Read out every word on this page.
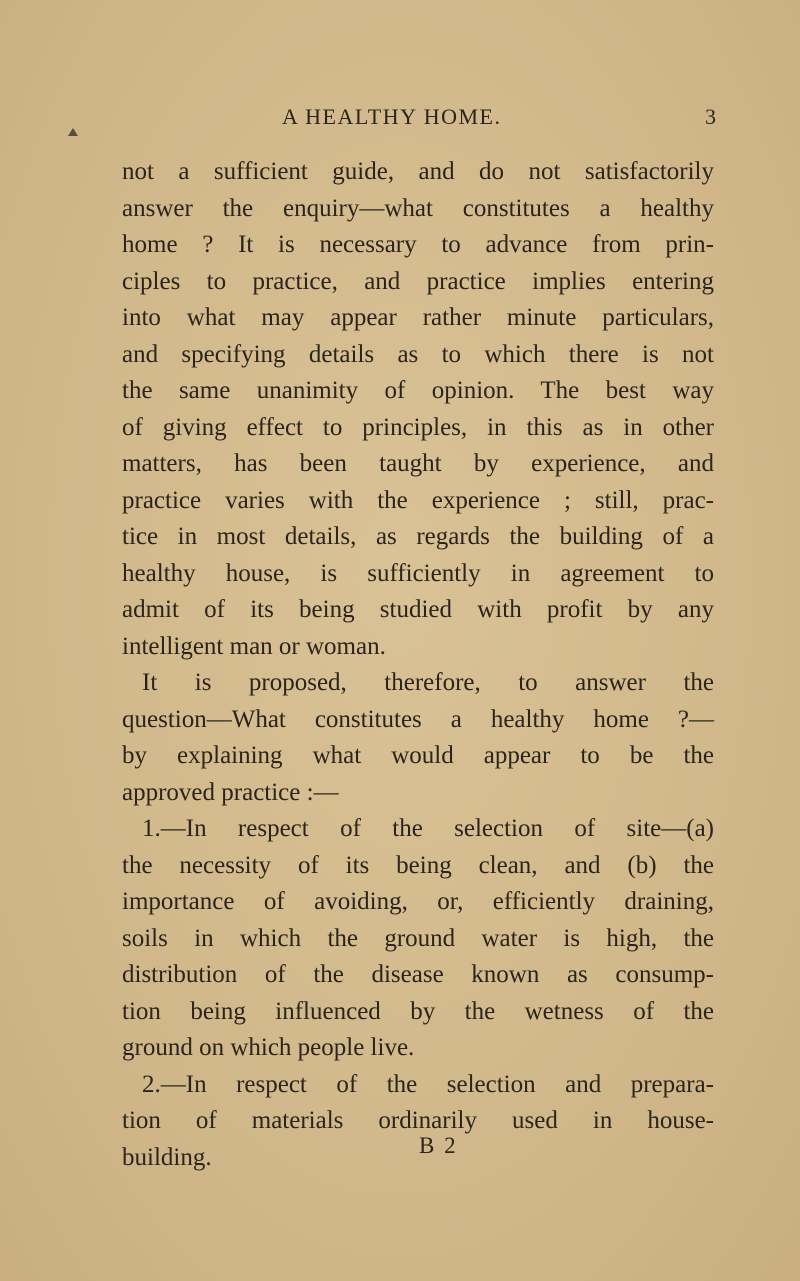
A HEALTHY HOME.	3
not a sufficient guide, and do not satisfactorily
answer the enquiry—what constitutes a healthy
home ? It is necessary to advance from prin-
ciples to practice, and practice implies entering
into what may appear rather minute particulars,
and specifying details as to which there is not
the same unanimity of opinion. The best way
of giving effect to principles, in this as in other
matters, has been taught by experience, and
practice varies with the experience ; still, prac-
tice in most details, as regards the building of a
healthy house, is sufficiently in agreement to
admit of its being studied with profit by any
intelligent man or woman.
It is proposed, therefore, to answer the
question—What constitutes a healthy home ?—
by explaining what would appear to be the
approved practice :—
1.—In respect of the selection of site—(a)
the necessity of its being clean, and (b) the
importance of avoiding, or, efficiently draining,
soils in which the ground water is high, the
distribution of the disease known as consump-
tion being influenced by the wetness of the
ground on which people live.
2.—In respect of the selection and prepara-
tion of materials ordinarily used in house-
building.	B 2
